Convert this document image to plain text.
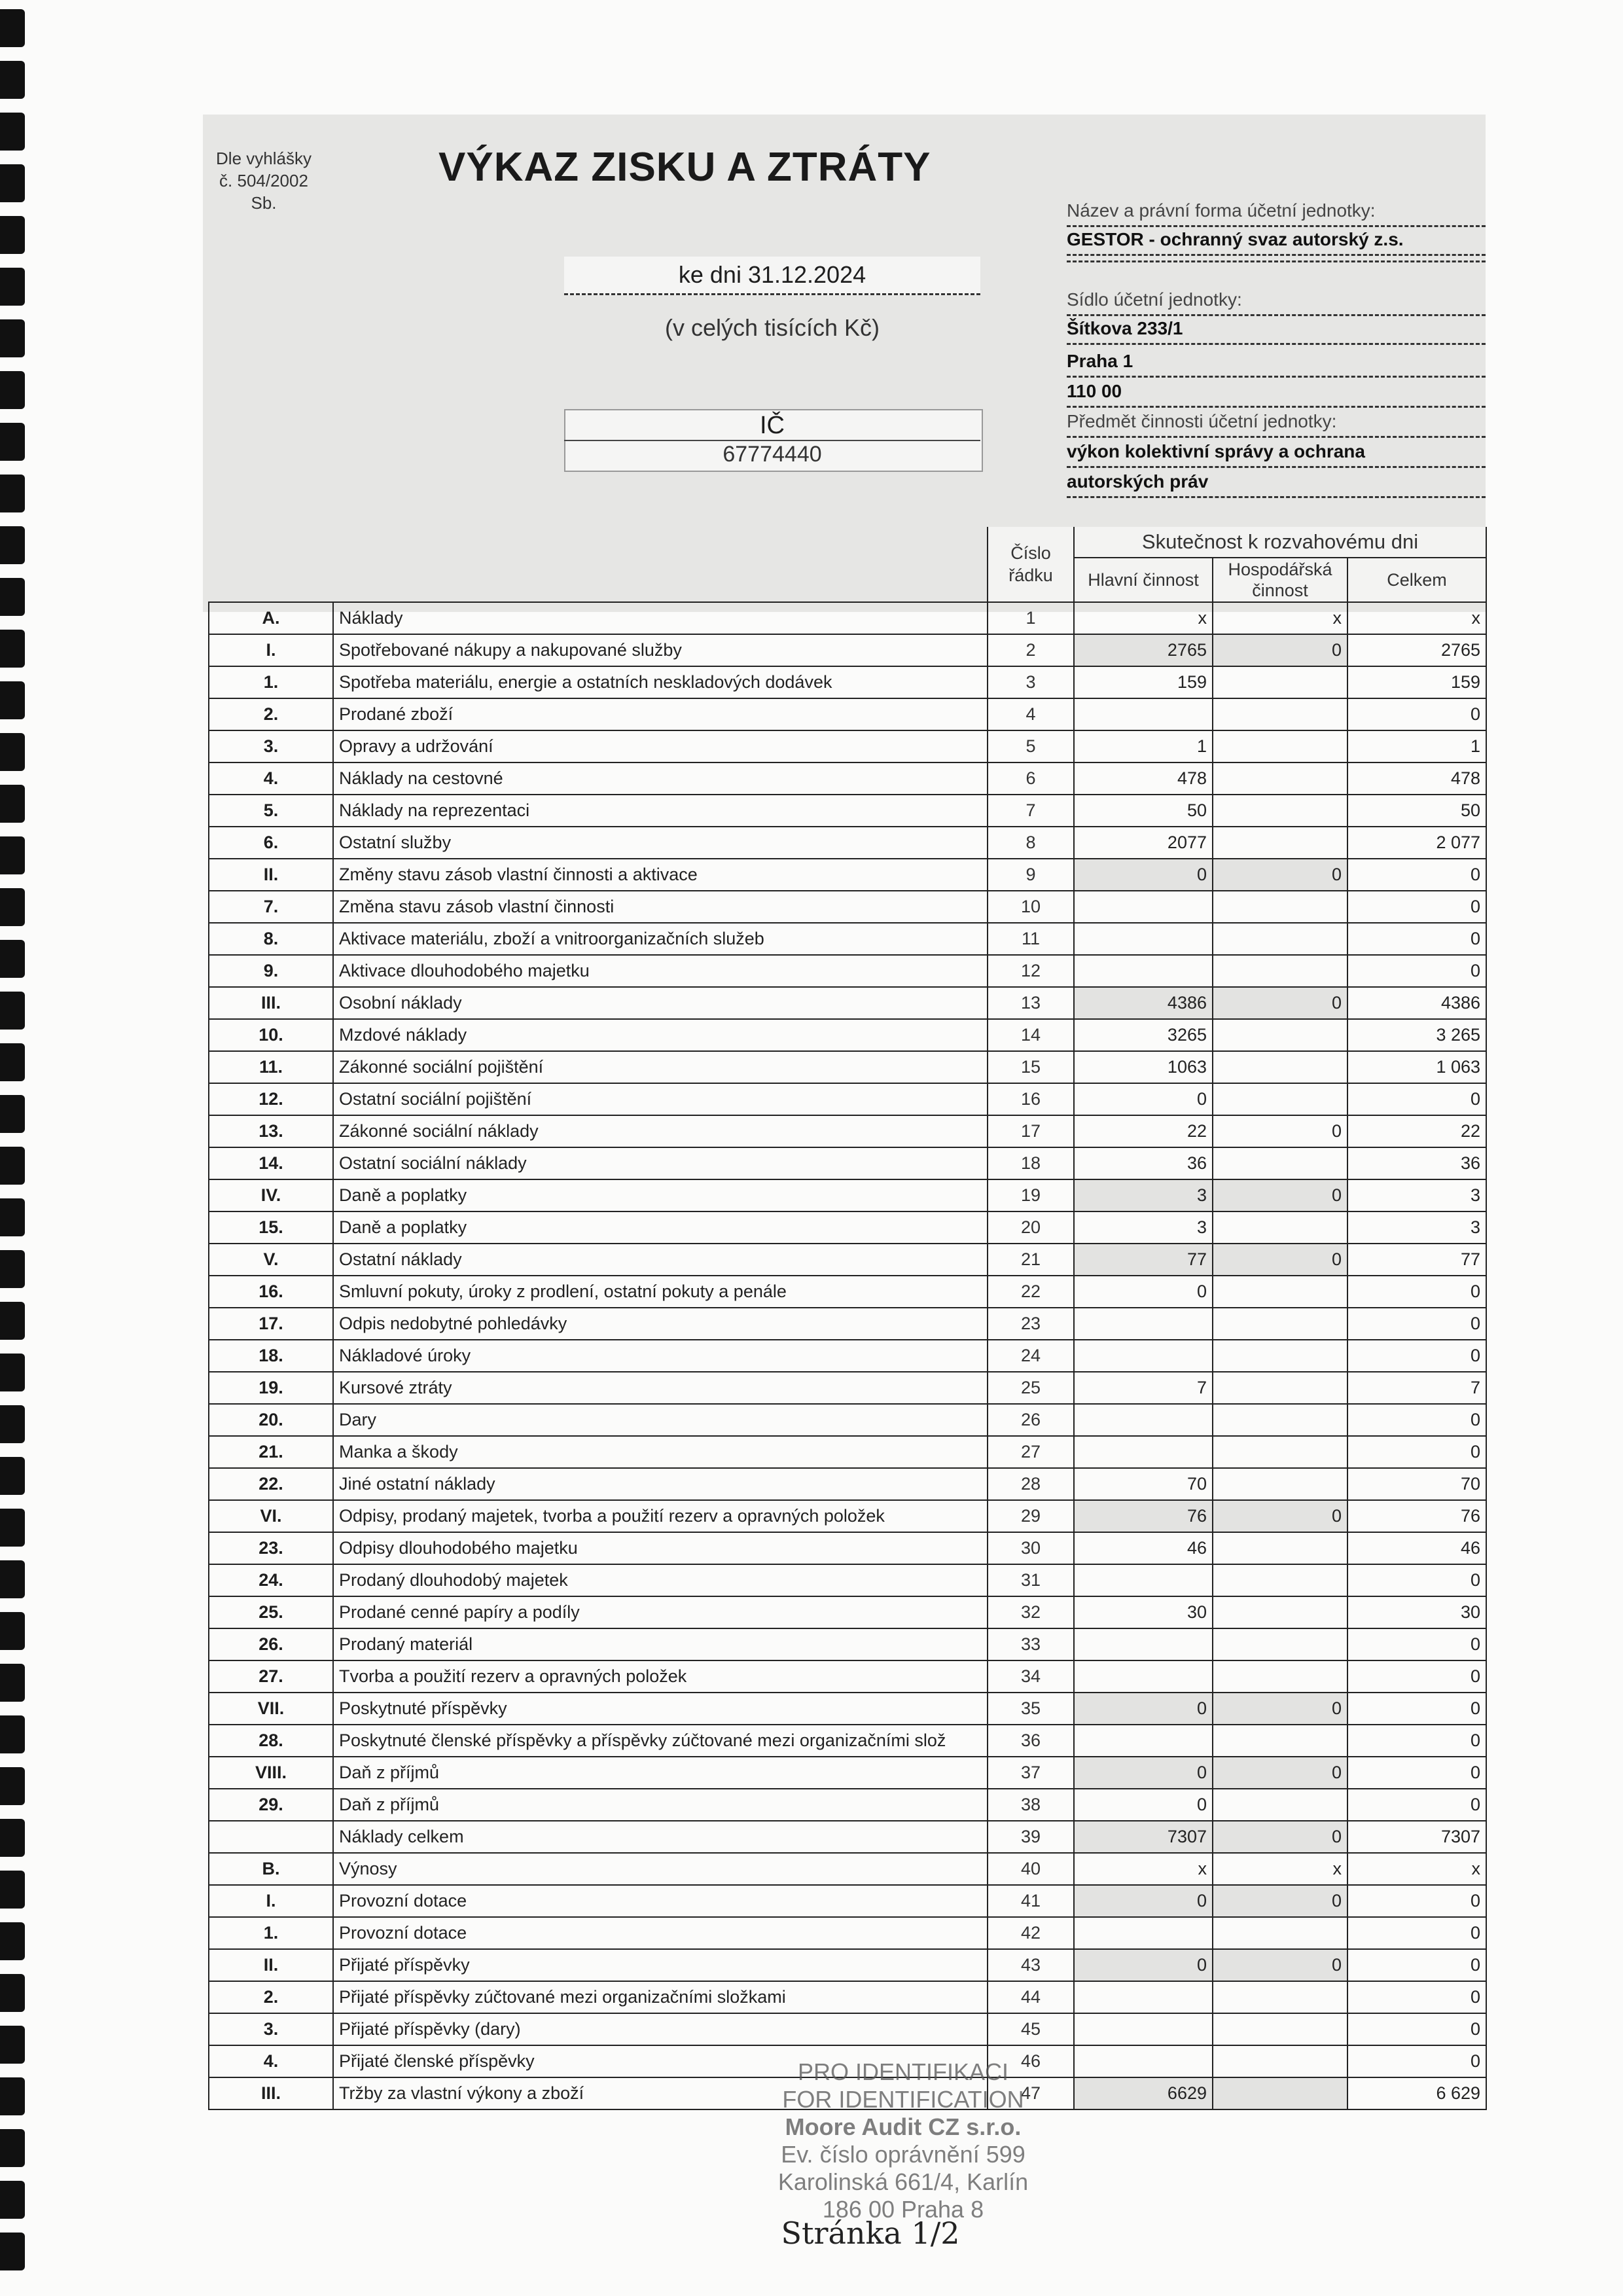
Dle vyhlášky
č. 504/2002
Sb.
VÝKAZ ZISKU A ZTRÁTY
ke dni 31.12.2024
(v celých tisících Kč)
IČ
67774440
Název a právní forma účetní jednotky:
GESTOR - ochranný svaz autorský z.s.
Sídlo účetní jednotky:
Šítkova 233/1
Praha 1
110 00
Předmět činnosti účetní jednotky:
výkon kolektivní správy a ochrana
autorských práv
		Číslo řádku	Skutečnost k rozvahovému dni		
			Hlavní činnost	Hospodářská činnost	Celkem
A.	Náklady	1	x	x	x
I.	Spotřebované nákupy a nakupované služby	2	2765	0	2765
1.	Spotřeba materiálu, energie a ostatních neskladových dodávek	3	159		159
2.	Prodané zboží	4			0
3.	Opravy a udržování	5	1		1
4.	Náklady na cestovné	6	478		478
5.	Náklady na reprezentaci	7	50		50
6.	Ostatní služby	8	2077		2 077
II.	Změny stavu zásob vlastní činnosti a aktivace	9	0	0	0
7.	Změna stavu zásob vlastní činnosti	10			0
8.	Aktivace materiálu, zboží a vnitroorganizačních služeb	11			0
9.	Aktivace dlouhodobého majetku	12			0
III.	Osobní náklady	13	4386	0	4386
10.	Mzdové náklady	14	3265		3 265
11.	Zákonné sociální pojištění	15	1063		1 063
12.	Ostatní sociální pojištění	16	0		0
13.	Zákonné sociální náklady	17	22	0	22
14.	Ostatní sociální náklady	18	36		36
IV.	Daně a poplatky	19	3	0	3
15.	Daně a poplatky	20	3		3
V.	Ostatní náklady	21	77	0	77
16.	Smluvní pokuty, úroky z prodlení, ostatní pokuty a penále	22	0		0
17.	Odpis nedobytné pohledávky	23			0
18.	Nákladové úroky	24			0
19.	Kursové ztráty	25	7		7
20.	Dary	26			0
21.	Manka a škody	27			0
22.	Jiné ostatní náklady	28	70		70
VI.	Odpisy, prodaný majetek, tvorba a použití rezerv a opravných položek	29	76	0	76
23.	Odpisy dlouhodobého majetku	30	46		46
24.	Prodaný dlouhodobý majetek	31			0
25.	Prodané cenné papíry a podíly	32	30		30
26.	Prodaný materiál	33			0
27.	Tvorba a použití rezerv a opravných položek	34			0
VII.	Poskytnuté příspěvky	35	0	0	0
28.	Poskytnuté členské příspěvky a příspěvky zúčtované mezi organizačními slož	36			0
VIII.	Daň z příjmů	37	0	0	0
29.	Daň z příjmů	38	0		0
	Náklady celkem	39	7307	0	7307
B.	Výnosy	40	x	x	x
I.	Provozní dotace	41	0	0	0
1.	Provozní dotace	42			0
II.	Přijaté příspěvky	43	0	0	0
2.	Přijaté příspěvky zúčtované mezi organizačními složkami	44			0
3.	Přijaté příspěvky (dary)	45			0
4.	Přijaté členské příspěvky	46			0
III.	Tržby za vlastní výkony a zboží	47	6629		6 629
PRO IDENTIFIKACI
FOR IDENTIFICATION
Moore Audit CZ s.r.o.
Ev. číslo oprávnění 599
Karolinská 661/4, Karlín
186 00 Praha 8
Stránka 1/2
